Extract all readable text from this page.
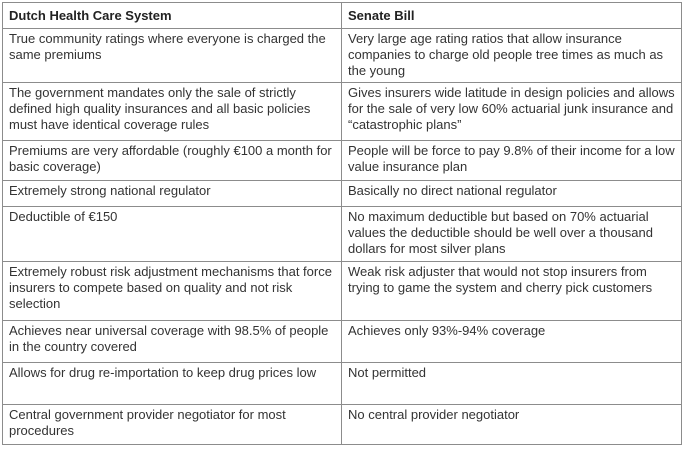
Dutch Health Care System	Senate Bill
True community ratings where everyone is charged the same premiums	Very large age rating ratios that allow insurance companies to charge old people tree times as much as the young
The government mandates only the sale of strictly defined high quality insurances and all basic policies must have identical coverage rules	Gives insurers wide latitude in design policies and allows for the sale of very low 60% actuarial junk insurance and “catastrophic plans”
Premiums are very affordable (roughly €100 a month for basic coverage)	People will be force to pay 9.8% of their income for a low value insurance plan
Extremely strong national regulator	Basically no direct national regulator
Deductible of €150	No maximum deductible but based on 70% actuarial values the deductible should be well over a thousand dollars for most silver plans
Extremely robust risk adjustment mechanisms that force insurers to compete based on quality and not risk selection	Weak risk adjuster that would not stop insurers from trying to game the system and cherry pick customers
Achieves near universal coverage with 98.5% of people in the country covered	Achieves only 93%-94% coverage
Allows for drug re-importation to keep drug prices low	Not permitted
Central government provider negotiator for most procedures	No central provider negotiator
